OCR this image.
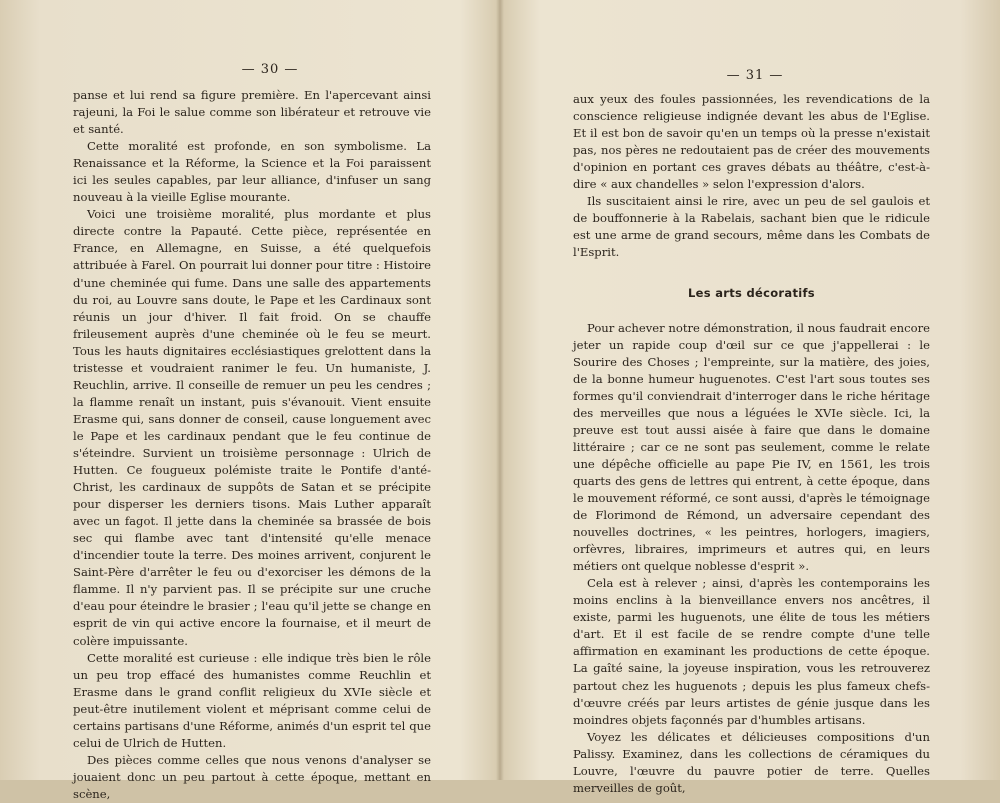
— 30 —

panse et lui rend sa figure première. En l'apercevant ainsi rajeuni, la Foi le salue comme son libérateur et retrouve vie et santé.

Cette moralité est profonde, en son symbolisme. La Renaissance et la Réforme, la Science et la Foi paraissent ici les seules capables, par leur alliance, d'infuser un sang nouveau à la vieille Eglise mourante.

Voici une troisième moralité, plus mordante et plus directe contre la Papauté. Cette pièce, représentée en France, en Allemagne, en Suisse, a été quelquefois attribuée à Farel. On pourrait lui donner pour titre : Histoire d'une cheminée qui fume. Dans une salle des appartements du roi, au Louvre sans doute, le Pape et les Cardinaux sont réunis un jour d'hiver. Il fait froid. On se chauffe frileusement auprès d'une cheminée où le feu se meurt. Tous les hauts dignitaires ecclésiastiques grelottent dans la tristesse et voudraient ranimer le feu. Un humaniste, J. Reuchlin, arrive. Il conseille de remuer un peu les cendres ; la flamme renaît un instant, puis s'évanouit. Vient ensuite Erasme qui, sans donner de conseil, cause longuement avec le Pape et les cardinaux pendant que le feu continue de s'éteindre. Survient un troisième personnage : Ulrich de Hutten. Ce fougueux polémiste traite le Pontife d'anté-Christ, les cardinaux de suppôts de Satan et se précipite pour disperser les derniers tisons. Mais Luther apparaît avec un fagot. Il jette dans la cheminée sa brassée de bois sec qui flambe avec tant d'intensité qu'elle menace d'incendier toute la terre. Des moines arrivent, conjurent le Saint-Père d'arrêter le feu ou d'exorciser les démons de la flamme. Il n'y parvient pas. Il se précipite sur une cruche d'eau pour éteindre le brasier ; l'eau qu'il jette se change en esprit de vin qui active encore la fournaise, et il meurt de colère impuissante.

Cette moralité est curieuse : elle indique très bien le rôle un peu trop effacé des humanistes comme Reuchlin et Erasme dans le grand conflit religieux du XVIe siècle et peut-être inutilement violent et méprisant comme celui de certains partisans d'une Réforme, animés d'un esprit tel que celui de Ulrich de Hutten.

Des pièces comme celles que nous venons d'analyser se jouaient donc un peu partout à cette époque, mettant en scène,

— 31 —

aux yeux des foules passionnées, les revendications de la conscience religieuse indignée devant les abus de l'Eglise. Et il est bon de savoir qu'en un temps où la presse n'existait pas, nos pères ne redoutaient pas de créer des mouvements d'opinion en portant ces graves débats au théâtre, c'est-à-dire « aux chandelles » selon l'expression d'alors.

Ils suscitaient ainsi le rire, avec un peu de sel gaulois et de bouffonnerie à la Rabelais, sachant bien que le ridicule est une arme de grand secours, même dans les Combats de l'Esprit.

Les arts décoratifs

Pour achever notre démonstration, il nous faudrait encore jeter un rapide coup d'œil sur ce que j'appellerai : le Sourire des Choses ; l'empreinte, sur la matière, des joies, de la bonne humeur huguenotes. C'est l'art sous toutes ses formes qu'il conviendrait d'interroger dans le riche héritage des merveilles que nous a léguées le XVIe siècle. Ici, la preuve est tout aussi aisée à faire que dans le domaine littéraire ; car ce ne sont pas seulement, comme le relate une dépêche officielle au pape Pie IV, en 1561, les trois quarts des gens de lettres qui entrent, à cette époque, dans le mouvement réformé, ce sont aussi, d'après le témoignage de Florimond de Rémond, un adversaire cependant des nouvelles doctrines, « les peintres, horlogers, imagiers, orfèvres, libraires, imprimeurs et autres qui, en leurs métiers ont quelque noblesse d'esprit ».

Cela est à relever ; ainsi, d'après les contemporains les moins enclins à la bienveillance envers nos ancêtres, il existe, parmi les huguenots, une élite de tous les métiers d'art. Et il est facile de se rendre compte d'une telle affirmation en examinant les productions de cette époque. La gaîté saine, la joyeuse inspiration, vous les retrouverez partout chez les huguenots ; depuis les plus fameux chefs-d'œuvre créés par leurs artistes de génie jusque dans les moindres objets façonnés par d'humbles artisans.

Voyez les délicates et délicieuses compositions d'un Palissy. Examinez, dans les collections de céramiques du Louvre, l'œuvre du pauvre potier de terre. Quelles merveilles de goût,
